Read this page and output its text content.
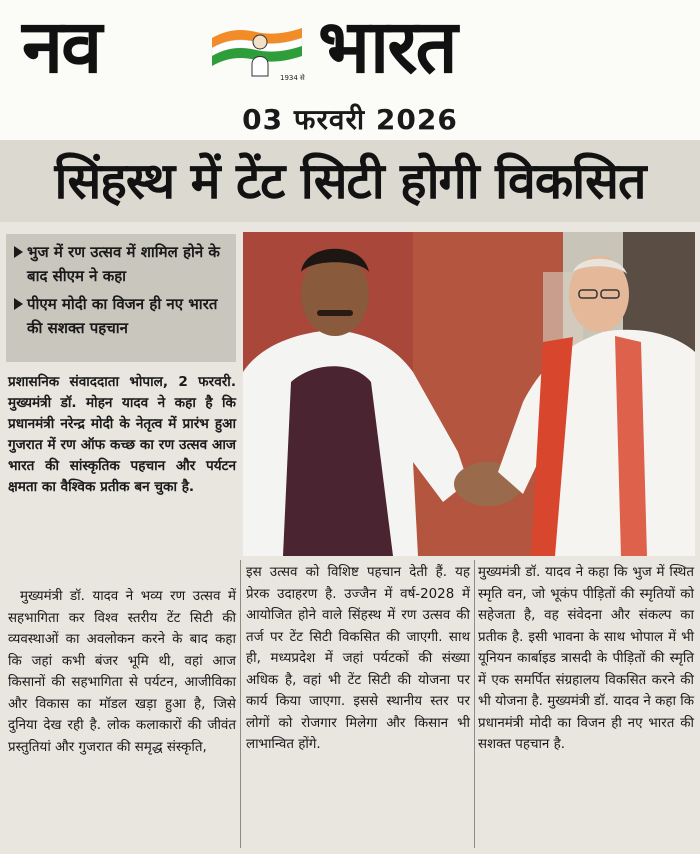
नव	1934 से भारत
03 फरवरी 2026
सिंहस्थ में टेंट सिटी होगी विकसित
भुज में रण उत्सव में शामिल होने के बाद सीएम ने कहा
पीएम मोदी का विजन ही नए भारत की सशक्त पहचान

प्रशासनिक संवाददाता भोपाल, 2 फरवरी. मुख्यमंत्री डॉ. मोहन यादव ने कहा है कि प्रधानमंत्री नरेन्द्र मोदी के नेतृत्व में प्रारंभ हुआ गुजरात में रण ऑफ कच्छ का रण उत्सव आज भारत की सांस्कृतिक पहचान और पर्यटन क्षमता का वैश्विक प्रतीक बन चुका है.

मुख्यमंत्री डॉ. यादव ने भव्य रण उत्सव में सहभागिता कर विश्व स्तरीय टेंट सिटी की व्यवस्थाओं का अवलोकन करने के बाद कहा कि जहां कभी बंजर भूमि थी, वहां आज किसानों की सहभागिता से पर्यटन, आजीविका और विकास का मॉडल खड़ा हुआ है, जिसे दुनिया देख रही है. लोक कलाकारों की जीवंत प्रस्तुतियां और गुजरात की समृद्ध संस्कृति,

इस उत्सव को विशिष्ट पहचान देती हैं. यह प्रेरक उदाहरण है. उज्जैन में वर्ष-2028 में आयोजित होने वाले सिंहस्थ में रण उत्सव की तर्ज पर टेंट सिटी विकसित की जाएगी. साथ ही, मध्यप्रदेश में जहां पर्यटकों की संख्या अधिक है, वहां भी टेंट सिटी की योजना पर कार्य किया जाएगा. इससे स्थानीय स्तर पर लोगों को रोजगार मिलेगा और किसान भी लाभान्वित होंगे.

मुख्यमंत्री डॉ. यादव ने कहा कि भुज में स्थित स्मृति वन, जो भूकंप पीड़ितों की स्मृतियों को सहेजता है, वह संवेदना और संकल्प का प्रतीक है. इसी भावना के साथ भोपाल में भी यूनियन कार्बाइड त्रासदी के पीड़ितों की स्मृति में एक समर्पित संग्रहालय विकसित करने की भी योजना है. मुख्यमंत्री डॉ. यादव ने कहा कि प्रधानमंत्री मोदी का विजन ही नए भारत की सशक्त पहचान है.
